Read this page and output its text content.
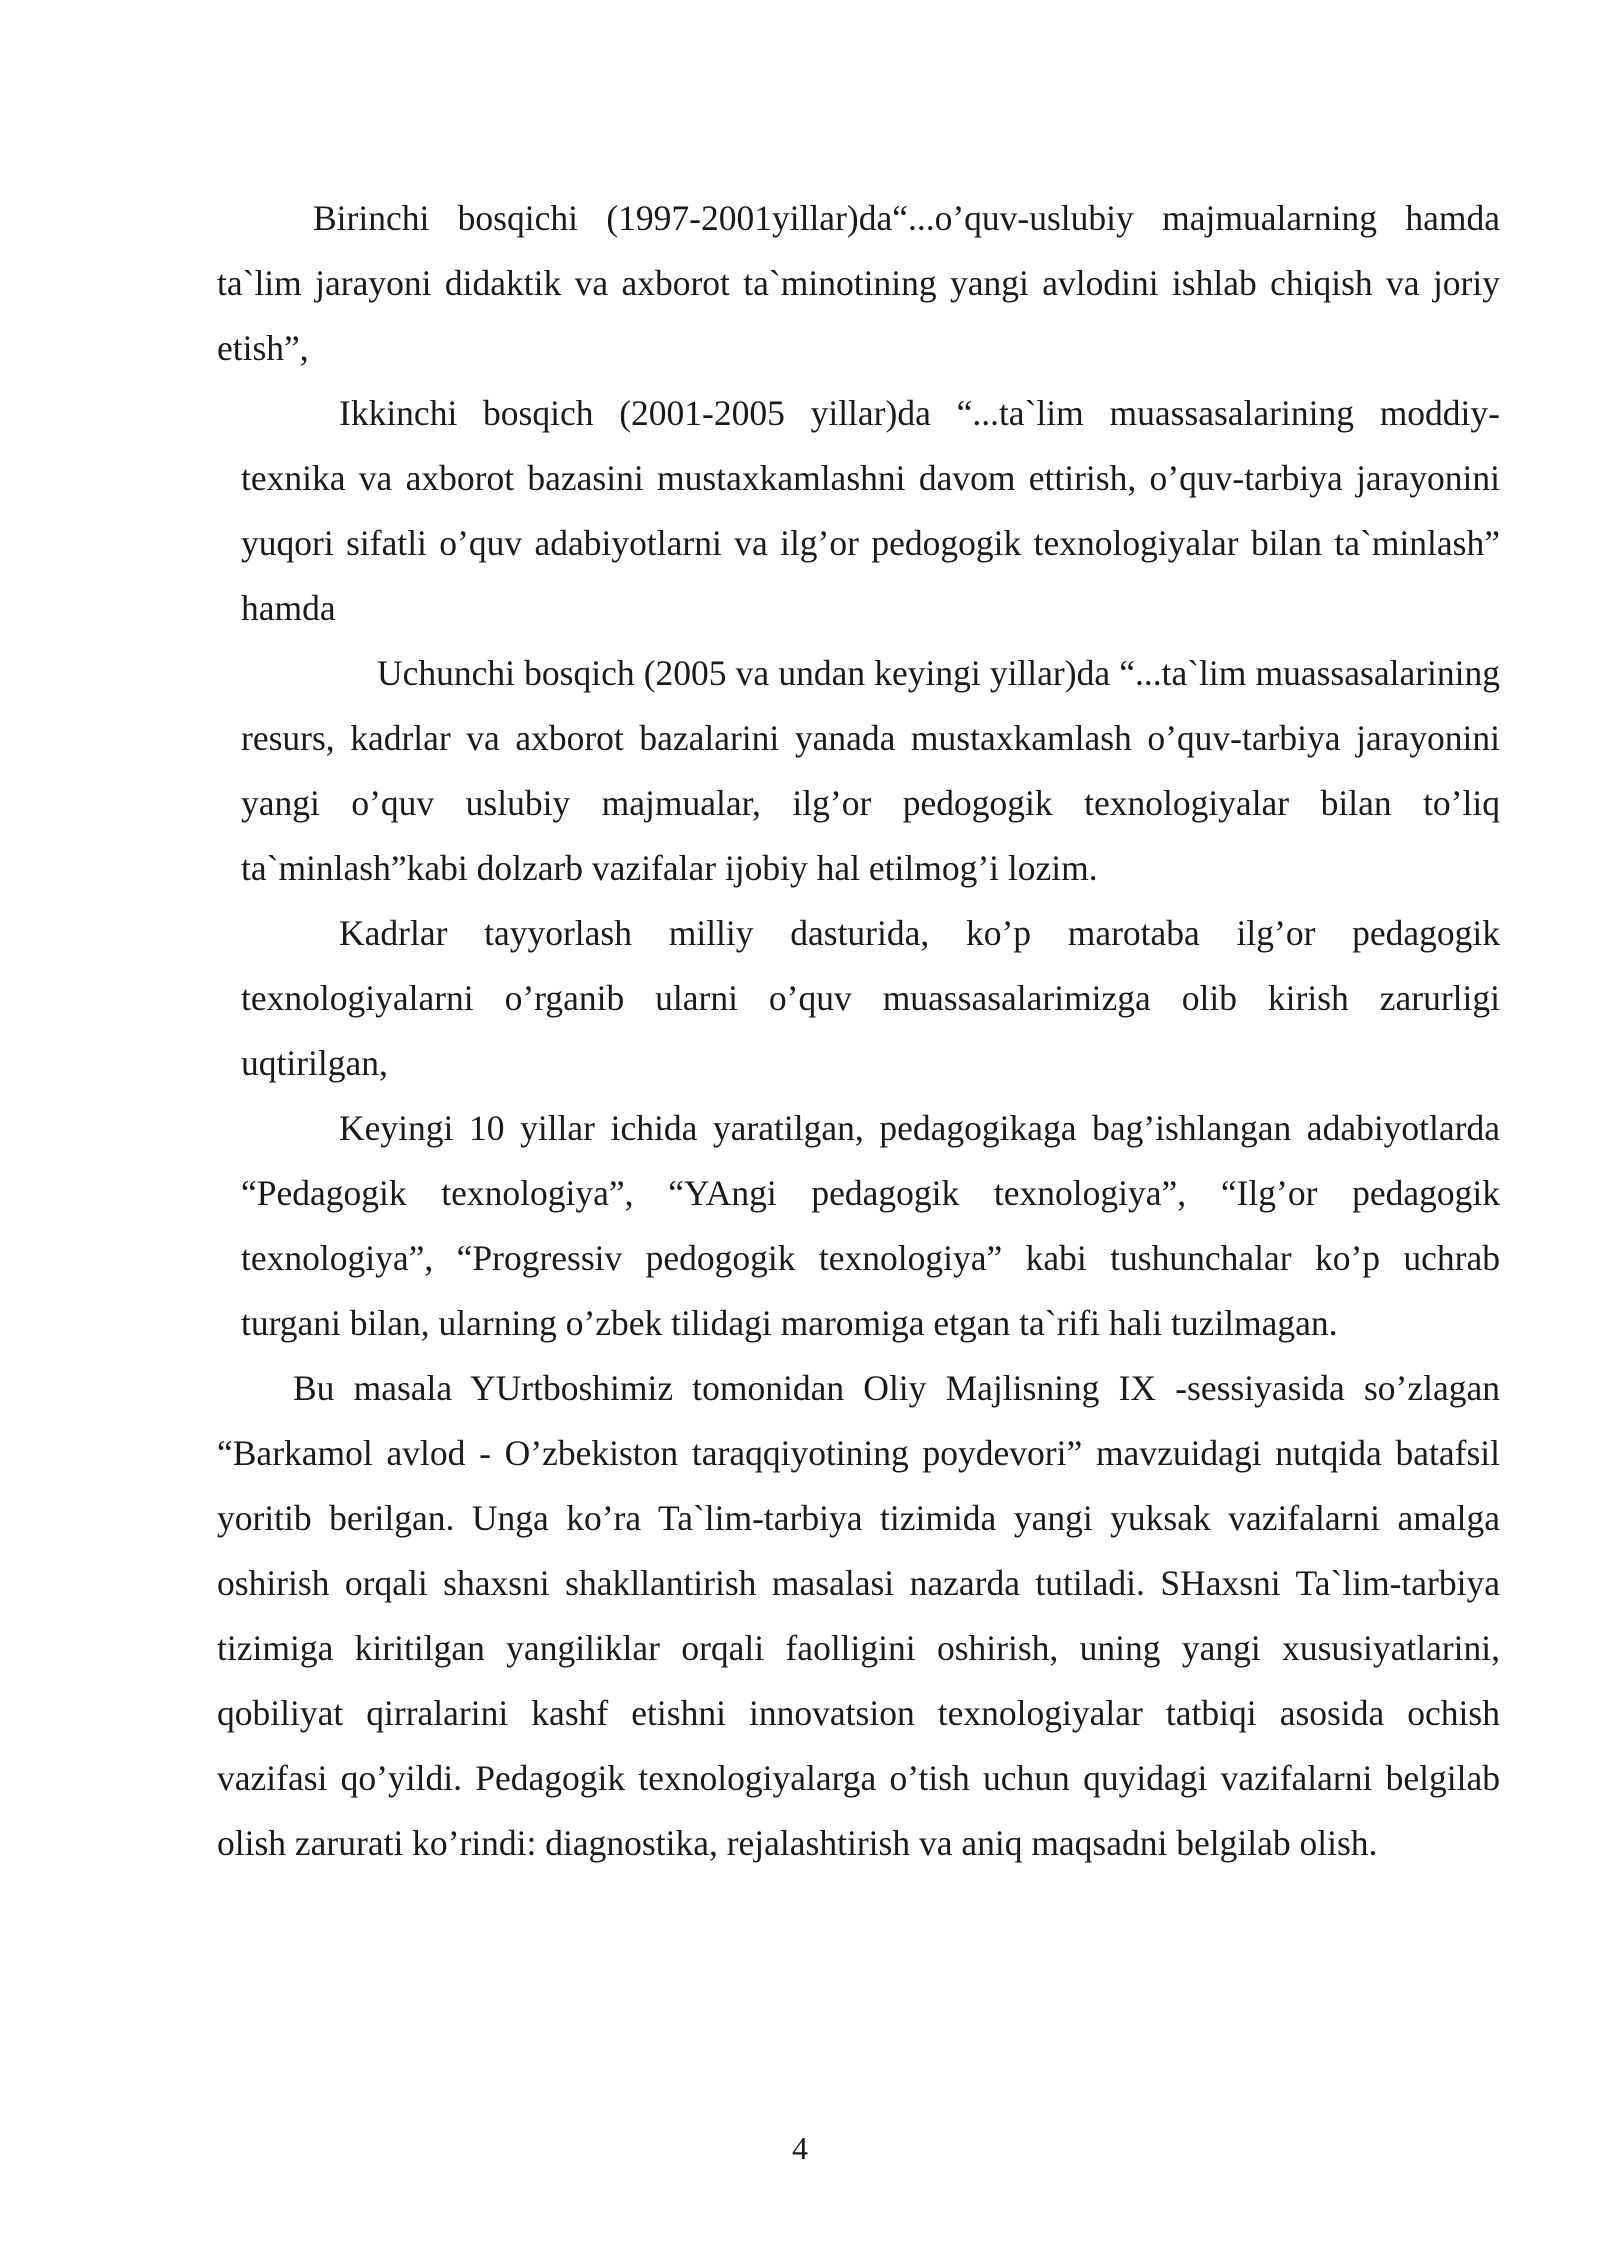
Birinchi bosqichi (1997-2001yillar)da“...o’quv-uslubiy majmualarning hamda ta`lim jarayoni didaktik va axborot ta`minotining yangi avlodini ishlab chiqish va joriy etish”,

Ikkinchi bosqich (2001-2005 yillar)da “...ta`lim muassasalarining moddiy-texnika va axborot bazasini mustaxkamlashni davom ettirish, o’quv-tarbiya jarayonini yuqori sifatli o’quv adabiyotlarni va ilg’or pedogogik texnologiyalar bilan ta`minlash” hamda

Uchunchi bosqich (2005 va undan keyingi yillar)da “...ta`lim muassasalarining resurs, kadrlar va axborot bazalarini yanada mustaxkamlash o’quv-tarbiya jarayonini yangi o’quv uslubiy majmualar, ilg’or pedogogik texnologiyalar bilan to’liq ta`minlash”kabi dolzarb vazifalar ijobiy hal etilmog’i lozim.

Kadrlar tayyorlash milliy dasturida, ko’p marotaba ilg’or pedagogik texnologiyalarni o’rganib ularni o’quv muassasalarimizga olib kirish zarurligi uqtirilgan,

Keyingi 10 yillar ichida yaratilgan, pedagogikaga bag’ishlangan adabiyotlarda “Pedagogik texnologiya”, “YAngi pedagogik texnologiya”, “Ilg’or pedagogik texnologiya”, “Progressiv pedogogik texnologiya” kabi tushunchalar ko’p uchrab turgani bilan, ularning o’zbek tilidagi maromiga etgan ta`rifi hali tuzilmagan.

Bu masala YUrtboshimiz tomonidan Oliy Majlisning IX -sessiyasida so’zlagan “Barkamol avlod - O’zbekiston taraqqiyotining poydevori” mavzuidagi nutqida batafsil yoritib berilgan. Unga ko’ra Ta`lim-tarbiya tizimida yangi yuksak vazifalarni amalga oshirish orqali shaxsni shakllantirish masalasi nazarda tutiladi. SHaxsni Ta`lim-tarbiya tizimiga kiritilgan yangiliklar orqali faolligini oshirish, uning yangi xususiyatlarini, qobiliyat qirralarini kashf etishni innovatsion texnologiyalar tatbiqi asosida ochish vazifasi qo’yildi. Pedagogik texnologiyalarga o’tish uchun quyidagi vazifalarni belgilab olish zarurati ko’rindi: diagnostika, rejalashtirish va aniq maqsadni belgilab olish.

4
